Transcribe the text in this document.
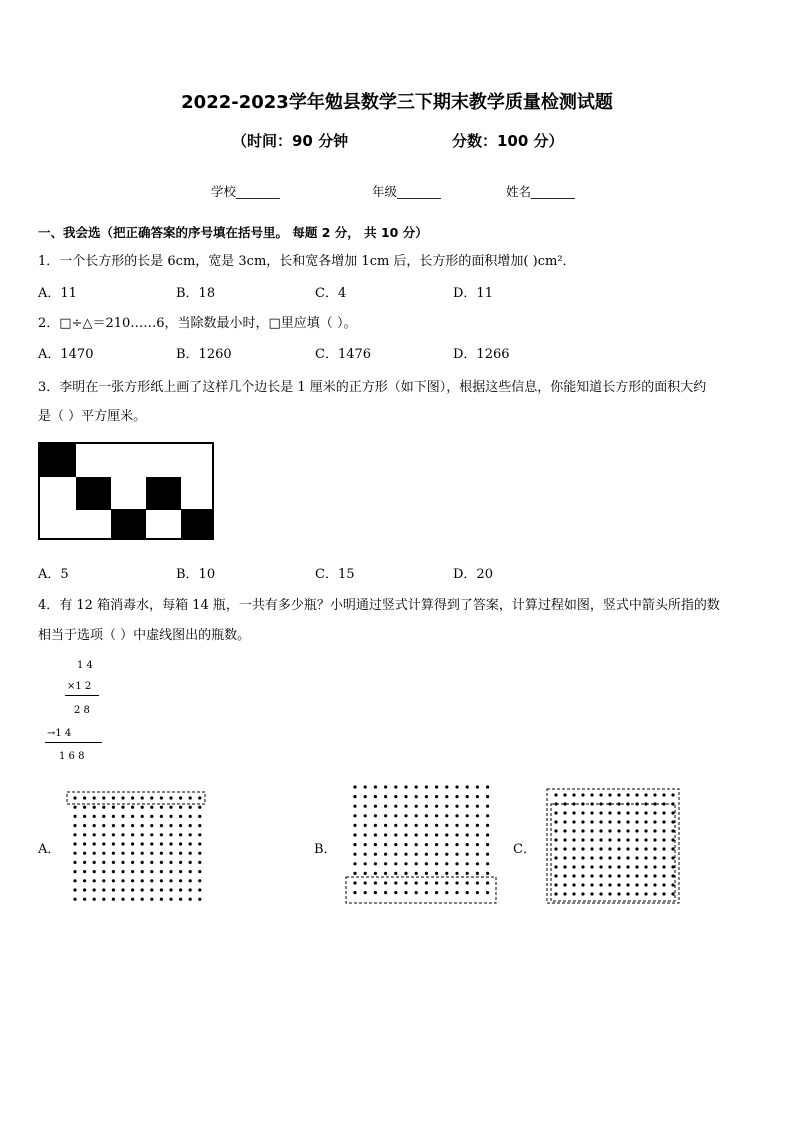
2022-2023学年勉县数学三下期末教学质量检测试题
（时间：90 分钟	分数：100 分）
学校_______	年级_______	姓名_______
一、我会选（把正确答案的序号填在括号里。 每题 2 分， 共 10 分）
1．一个长方形的长是 6cm，宽是 3cm，长和宽各增加 1cm 后，长方形的面积增加( )cm²．
A．11	B．18	C．4	D．11
2．□÷△＝210……6，当除数最小时，□里应填（ ）。
A．1470	B．1260	C．1476	D．1266
3．李明在一张方形纸上画了这样几个边长是 1 厘米的正方形（如下图），根据这些信息，你能知道长方形的面积大约
是（ ）平方厘米。
A．5	B．10	C．15	D．20
4．有 12 箱消毒水，每箱 14 瓶，一共有多少瓶？小明通过竖式计算得到了答案，计算过程如图，竖式中箭头所指的数
相当于选项（ ）中虚线图出的瓶数。
1 4
×1 2
2 8
→1 4
1 6 8
A．	B．	C．
